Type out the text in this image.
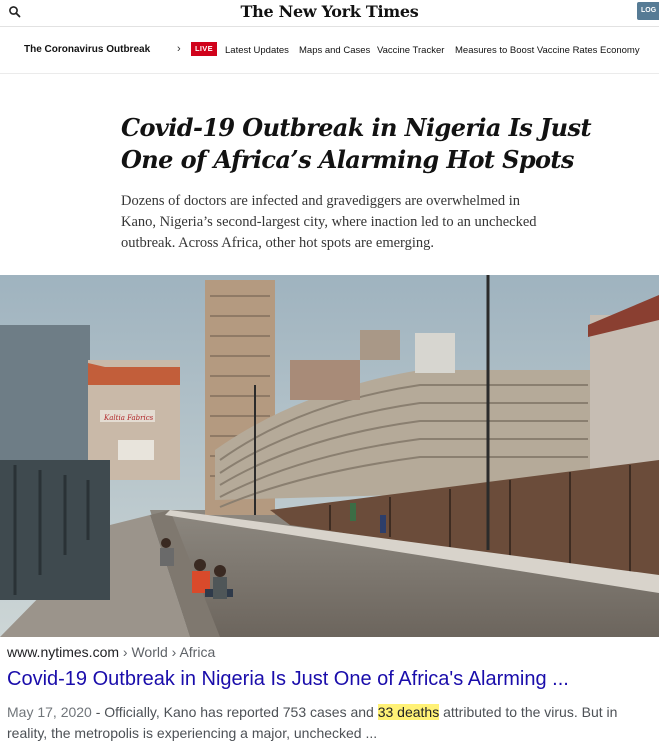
The New York Times	LOG
The Coronavirus Outbreak ›	LIVE	Latest Updates Maps and Cases Vaccine Tracker Measures to Boost Vaccine Rates Economy
Covid-19 Outbreak in Nigeria Is Just One of Africa’s Alarming Hot Spots

Dozens of doctors are infected and gravediggers are overwhelmed in Kano, Nigeria’s second-largest city, where inaction led to an unchecked outbreak. Across Africa, other hot spots are emerging.

Kaltia Fabrics
www.nytimes.com › World › Africa
Covid-19 Outbreak in Nigeria Is Just One of Africa's Alarming ...

May 17, 2020 - Officially, Kano has reported 753 cases and 33 deaths attributed to the virus. But in reality, the metropolis is experiencing a major, unchecked ...
